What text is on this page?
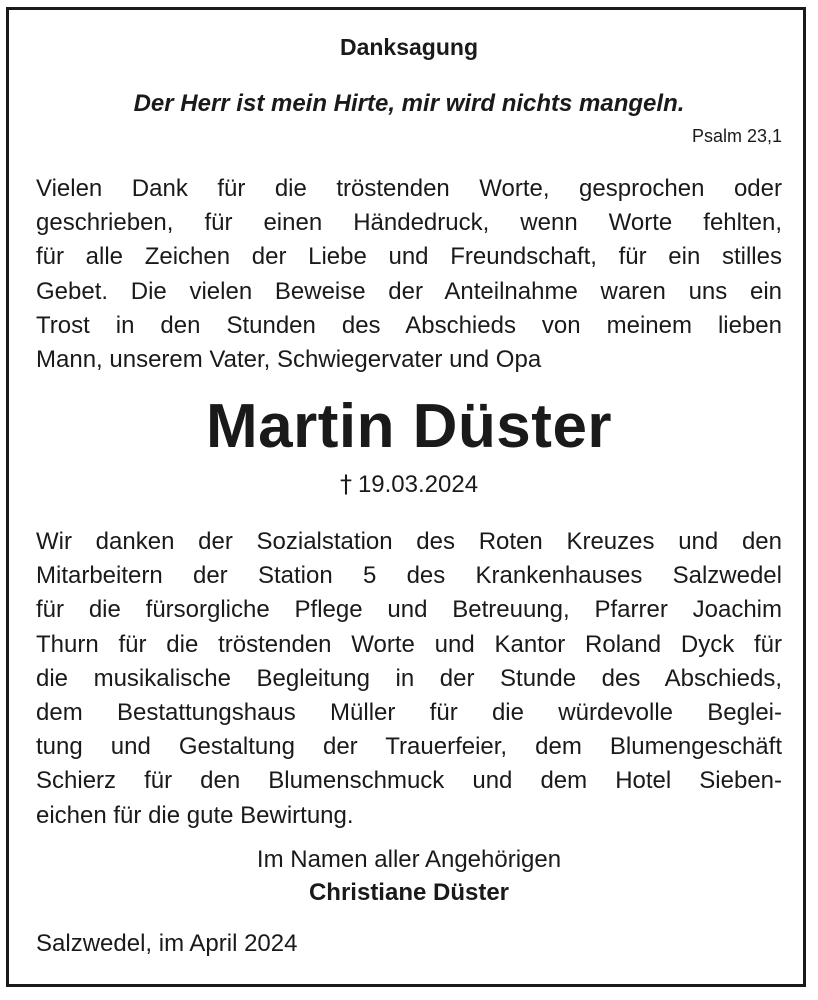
Danksagung
Der Herr ist mein Hirte, mir wird nichts mangeln.
Psalm 23,1

Vielen Dank für die tröstenden Worte, gesprochen oder
geschrieben, für einen Händedruck, wenn Worte fehlten,
für alle Zeichen der Liebe und Freundschaft, für ein stilles
Gebet. Die vielen Beweise der Anteilnahme waren uns ein
Trost in den Stunden des Abschieds von meinem lieben
Mann, unserem Vater, Schwiegervater und Opa

Martin Düster
† 19.03.2024

Wir danken der Sozialstation des Roten Kreuzes und den
Mitarbeitern der Station 5 des Krankenhauses Salzwedel
für die fürsorgliche Pflege und Betreuung, Pfarrer Joachim
Thurn für die tröstenden Worte und Kantor Roland Dyck für
die musikalische Begleitung in der Stunde des Abschieds,
dem Bestattungshaus Müller für die würdevolle Beglei-
tung und Gestaltung der Trauerfeier, dem Blumengeschäft
Schierz für den Blumenschmuck und dem Hotel Sieben-
eichen für die gute Bewirtung.

Im Namen aller Angehörigen
Christiane Düster
Salzwedel, im April 2024
